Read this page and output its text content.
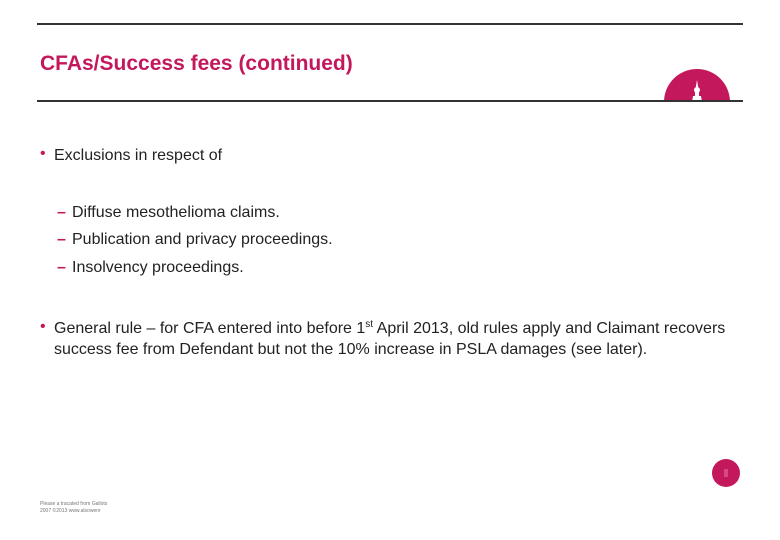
CFAs/Success fees (continued)
• Exclusions in respect of
– Diffuse mesothelioma claims.
– Publication and privacy proceedings.
– Insolvency proceedings.
• General rule – for CFA entered into before 1st April 2013, old rules apply and Claimant recovers success fee from Defendant but not the 10% increase in PSLA damages (see later).
Please a tracated from Gallots
2007 ©2013 www.alsowenr
